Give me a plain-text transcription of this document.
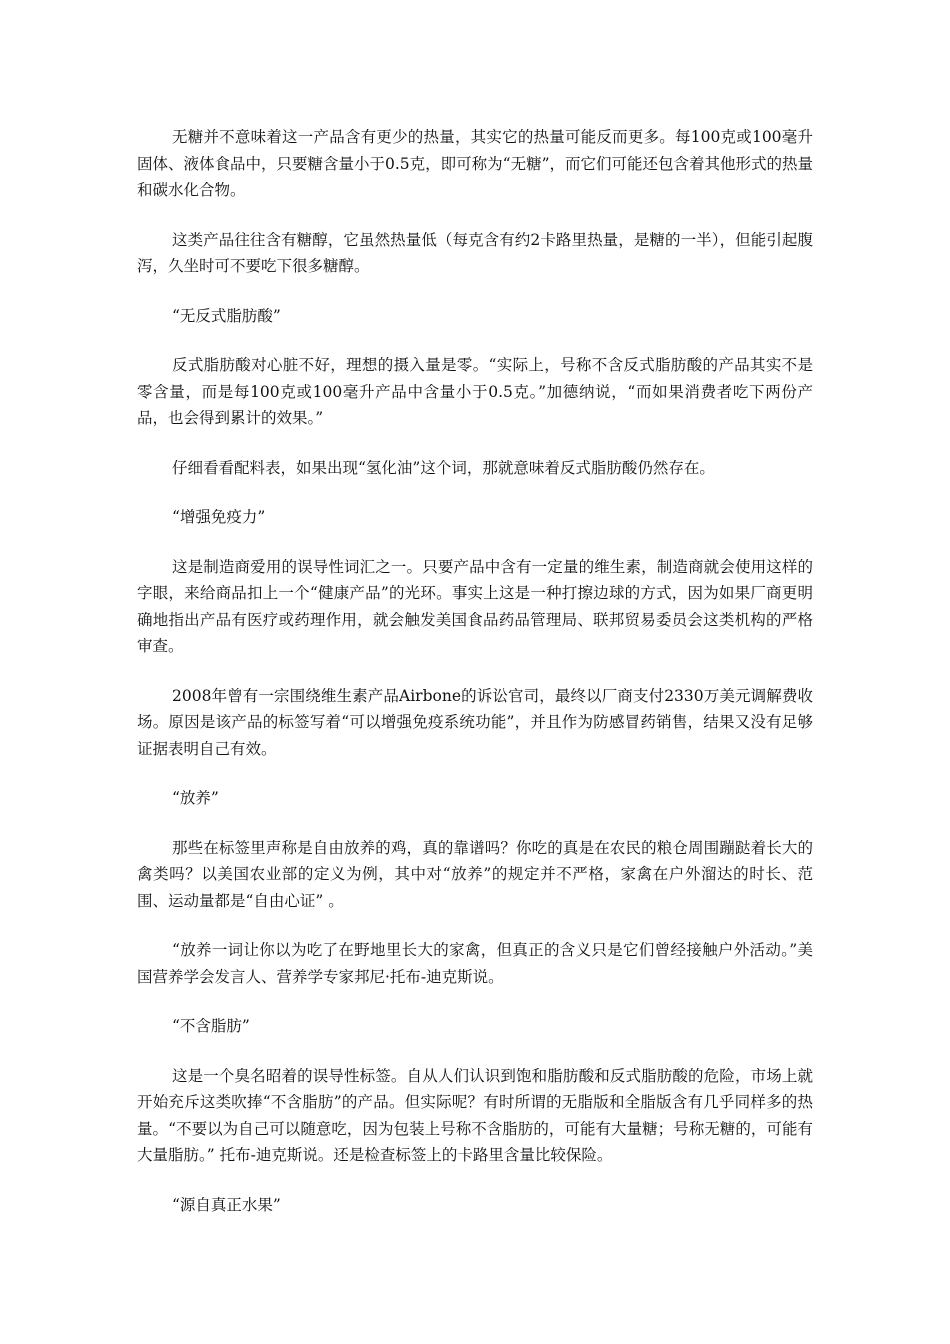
无糖并不意味着这一产品含有更少的热量，其实它的热量可能反而更多。每100克或100毫升固体、液体食品中，只要糖含量小于0.5克，即可称为“无糖”，而它们可能还包含着其他形式的热量和碳水化合物。

这类产品往往含有糖醇，它虽然热量低（每克含有约2卡路里热量，是糖的一半），但能引起腹泻，久坐时可不要吃下很多糖醇。

“无反式脂肪酸”

反式脂肪酸对心脏不好，理想的摄入量是零。“实际上，号称不含反式脂肪酸的产品其实不是零含量，而是每100克或100毫升产品中含量小于0.5克。”加德纳说，“而如果消费者吃下两份产品，也会得到累计的效果。”

仔细看看配料表，如果出现“氢化油”这个词，那就意味着反式脂肪酸仍然存在。

“增强免疫力”

这是制造商爱用的误导性词汇之一。只要产品中含有一定量的维生素，制造商就会使用这样的字眼，来给商品扣上一个“健康产品”的光环。事实上这是一种打擦边球的方式，因为如果厂商更明确地指出产品有医疗或药理作用，就会触发美国食品药品管理局、联邦贸易委员会这类机构的严格审查。

2008年曾有一宗围绕维生素产品Airbone的诉讼官司，最终以厂商支付2330万美元调解费收场。原因是该产品的标签写着“可以增强免疫系统功能”，并且作为防感冒药销售，结果又没有足够证据表明自己有效。

“放养”

那些在标签里声称是自由放养的鸡，真的靠谱吗？你吃的真是在农民的粮仓周围蹦跶着长大的禽类吗？以美国农业部的定义为例，其中对“放养”的规定并不严格，家禽在户外溜达的时长、范围、运动量都是“自由心证” 。

“放养一词让你以为吃了在野地里长大的家禽，但真正的含义只是它们曾经接触户外活动。”美国营养学会发言人、营养学专家邦尼·托布-迪克斯说。

“不含脂肪”

这是一个臭名昭着的误导性标签。自从人们认识到饱和脂肪酸和反式脂肪酸的危险，市场上就开始充斥这类吹捧“不含脂肪”的产品。但实际呢？有时所谓的无脂版和全脂版含有几乎同样多的热量。“不要以为自己可以随意吃，因为包装上号称不含脂肪的，可能有大量糖；号称无糖的，可能有大量脂肪。” 托布-迪克斯说。还是检查标签上的卡路里含量比较保险。

“源自真正水果”
